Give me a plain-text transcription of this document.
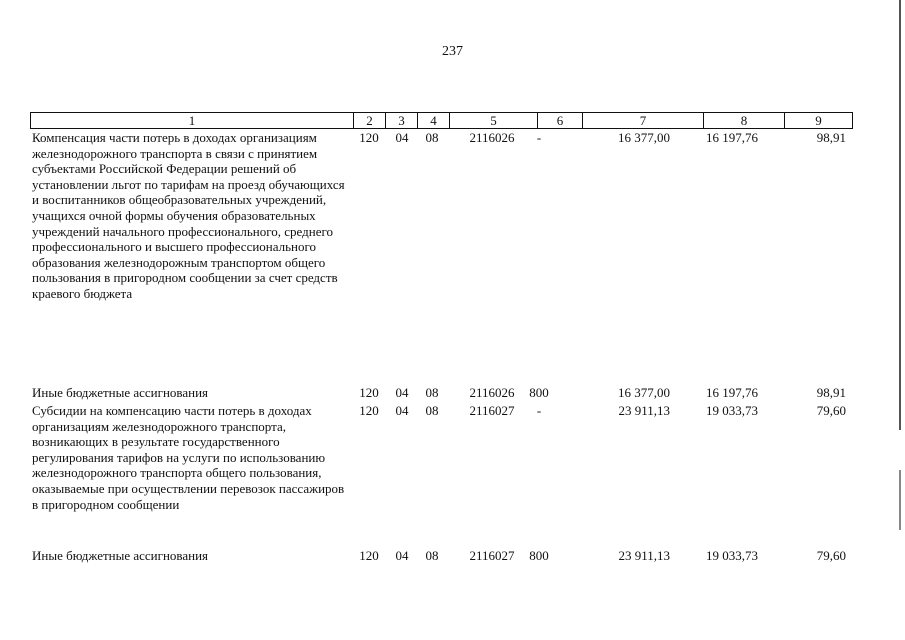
237
1	2	3	4	5	6	7	8	9
Компенсация части потерь в доходах организациям железнодорожного транспорта в связи с принятием субъектами Российской Федерации решений об установлении льгот по тарифам на проезд обучающихся и воспитанников общеобразовательных учреждений, учащихся очной формы обучения образовательных учреждений начального профессионального, среднего профессионального и высшего профессионального образования железнодорожным транспортом общего пользования в пригородном сообщении за счет средств краевого бюджета
120	04	08	2116026	-	16 377,00	16 197,76	98,91
Иные бюджетные ассигнования	120	04	08	2116026	800	16 377,00	16 197,76	98,91
Субсидии на компенсацию части потерь в доходах организациям железнодорожного транспорта, возникающих в результате государственного регулирования тарифов на услуги по использованию железнодорожного транспорта общего пользования, оказываемые при осуществлении перевозок пассажиров в пригородном сообщении
120	04	08	2116027	-	23 911,13	19 033,73	79,60
Иные бюджетные ассигнования	120	04	08	2116027	800	23 911,13	19 033,73	79,60
